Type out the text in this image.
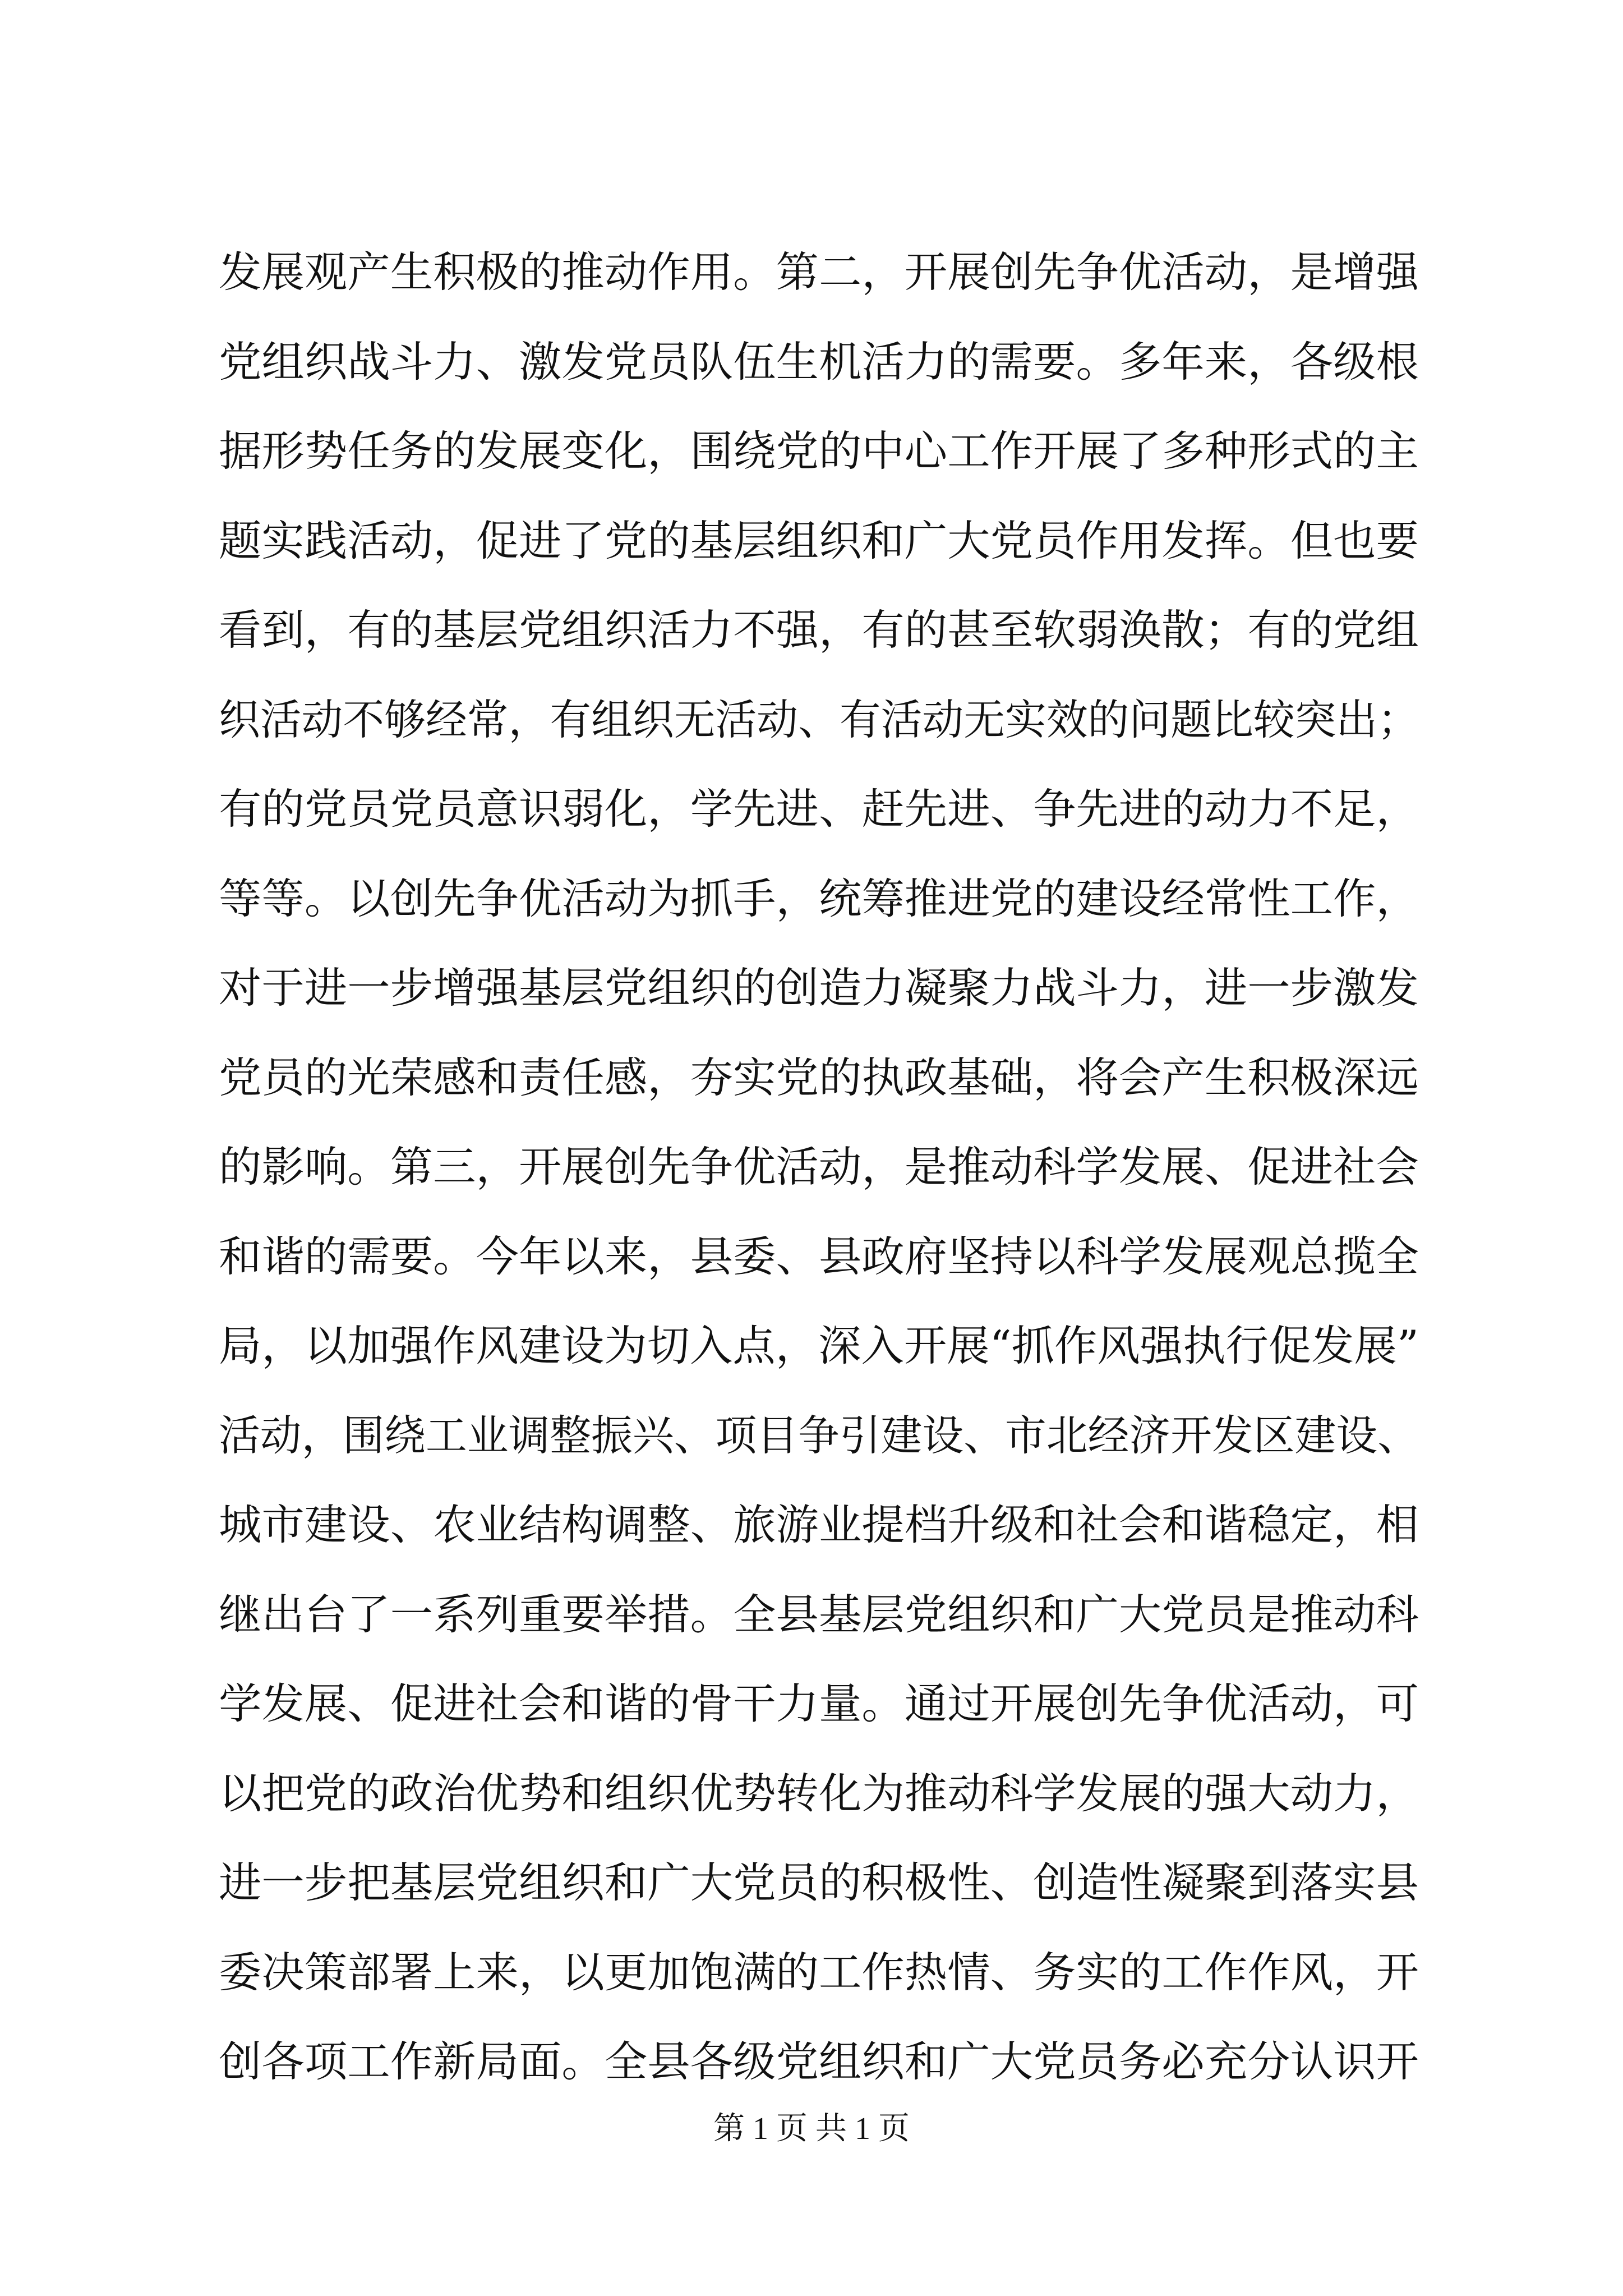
发展观产生积极的推动作用。第二，开展创先争优活动，是增强
党组织战斗力、激发党员队伍生机活力的需要。多年来，各级根
据形势任务的发展变化，围绕党的中心工作开展了多种形式的主
题实践活动，促进了党的基层组织和广大党员作用发挥。但也要
看到，有的基层党组织活力不强，有的甚至软弱涣散；有的党组
织活动不够经常，有组织无活动、有活动无实效的问题比较突出；
有的党员党员意识弱化，学先进、赶先进、争先进的动力不足，
等等。以创先争优活动为抓手，统筹推进党的建设经常性工作，
对于进一步增强基层党组织的创造力凝聚力战斗力，进一步激发
党员的光荣感和责任感，夯实党的执政基础，将会产生积极深远
的影响。第三，开展创先争优活动，是推动科学发展、促进社会
和谐的需要。今年以来，县委、县政府坚持以科学发展观总揽全
局，以加强作风建设为切入点，深入开展“抓作风强执行促发展”
活动，围绕工业调整振兴、项目争引建设、市北经济开发区建设、
城市建设、农业结构调整、旅游业提档升级和社会和谐稳定，相
继出台了一系列重要举措。全县基层党组织和广大党员是推动科
学发展、促进社会和谐的骨干力量。通过开展创先争优活动，可
以把党的政治优势和组织优势转化为推动科学发展的强大动力，
进一步把基层党组织和广大党员的积极性、创造性凝聚到落实县
委决策部署上来，以更加饱满的工作热情、务实的工作作风，开
创各项工作新局面。全县各级党组织和广大党员务必充分认识开
第 1 页 共 1 页
